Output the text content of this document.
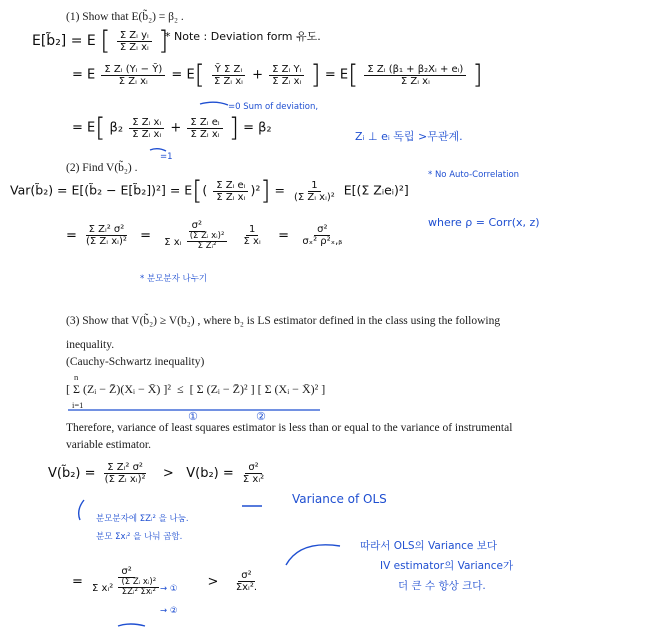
(1) Show that E(b̃₂) = β₂ .
E[b̃₂] = E [ $\frac{\text{Σ Zᵢ yᵢ}}{\text{Σ Zᵢ xᵢ}}$ ]
* Note : Deviation form 유도.
= E $\frac{\text{Σ Zᵢ (Yᵢ − Ȳ)}}{\text{Σ Zᵢ xᵢ}} = E[ \frac{\text{Ȳ Σ Zᵢ}}{\text{Σ Zᵢ xᵢ}} + \frac{\text{Σ Zᵢ Yᵢ}}{\text{Σ Zᵢ xᵢ}}$ ] = $E[ \frac{\text{Σ Zᵢ (β₁ + β₂Xᵢ + eᵢ)}}{\text{Σ Zᵢ xᵢ}}$ ]
=0 Sum of deviation,
= E[ $\beta_2 \frac{\text{Σ Zᵢ xᵢ}}{\text{Σ Zᵢ xᵢ}} + \frac{\text{Σ Zᵢ eᵢ}}{\text{Σ Zᵢ xᵢ}}$ ] = β₂
=1
Zᵢ ⊥ eᵢ 독립 >무관계.
(2) Find V(b̃₂) .
Var(b̃₂) = E[(b̃₂ − E[b̃₂])²] = $E[( \frac{\text{Σ Zᵢ eᵢ}}{\text{Σ Zᵢ xᵢ}} )^2] = \frac{1}{\text{(Σ Zᵢ xᵢ)²}} E[(\Sigma$ Zᵢeᵢ)²]
* No Auto-Correlation
= $\frac{\text{Σ Zᵢ² σ²}}{\text{(Σ Zᵢ xᵢ)²}} = \frac{\text{σ²}}{\Sigma xᵢ \frac{\text{(Σ Zᵢ xᵢ)²}}{\text{Σ Zᵢ²}}}$
$\frac{1}{\text{Σ xᵢ}} = \frac{\text{σ²}}{\text{σₓ² ρ²ₓ,ᵦ}}$
where ρ = Corr(x, z)
* 분모분자 나누기
(3) Show that V(b̃₂) ≥ V(b₂) , where b₂ is LS estimator defined in the class using the following
inequality.
(Cauchy-Schwartz inequality)
[ Σ (Zᵢ − Z̄)(Xᵢ − X̄) ]² ≤ [ Σ (Zᵢ − Z̄)² ] [ Σ (Xᵢ − X̄)² ]
n
i=1
①	②
Therefore, variance of least squares estimator is less than or equal to the variance of instrumental
variable estimator.
V(b̃₂) = $\frac{\text{Σ Zᵢ² σ²}}{\text{(Σ Zᵢ xᵢ)²}} > V(b_2) = \frac{\text{σ²}}{\text{Σ xᵢ²}}$
Variance of OLS
분모분자에 ΣZᵢ² 을 나눔.
분모 Σxᵢ² 을 나눠 곱함.
= $\frac{\text{σ²}}{\Sigma xᵢ^2 \frac{\text{(Σ Zᵢ xᵢ)²}}{\text{ΣZᵢ² Σxᵢ²}}}$	> $\frac{\text{σ²}}{\text{Σxᵢ².}}$
→ ①
→ ②
따라서 OLS의 Variance 보다
IV estimator의 Variance가
더 큰 수 항상 크다.
